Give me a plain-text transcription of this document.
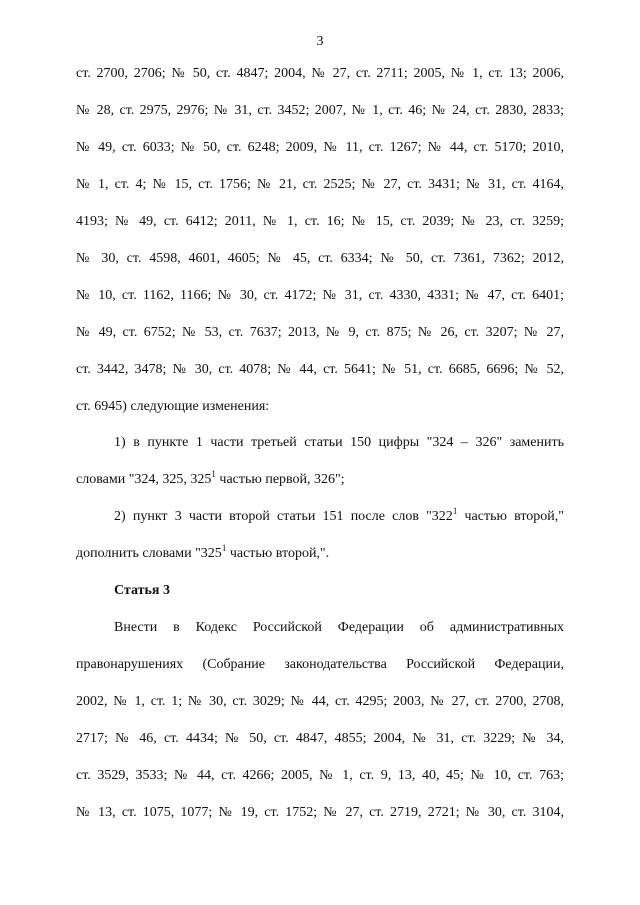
3
ст. 2700, 2706; № 50, ст. 4847; 2004, № 27, ст. 2711; 2005, № 1, ст. 13; 2006,
№ 28, ст. 2975, 2976; № 31, ст. 3452; 2007, № 1, ст. 46; № 24, ст. 2830, 2833;
№ 49, ст. 6033; № 50, ст. 6248; 2009, № 11, ст. 1267; № 44, ст. 5170; 2010,
№ 1, ст. 4; № 15, ст. 1756; № 21, ст. 2525; № 27, ст. 3431; № 31, ст. 4164,
4193; № 49, ст. 6412; 2011, № 1, ст. 16; № 15, ст. 2039; № 23, ст. 3259;
№ 30, ст. 4598, 4601, 4605; № 45, ст. 6334; № 50, ст. 7361, 7362; 2012,
№ 10, ст. 1162, 1166; № 30, ст. 4172; № 31, ст. 4330, 4331; № 47, ст. 6401;
№ 49, ст. 6752; № 53, ст. 7637; 2013, № 9, ст. 875; № 26, ст. 3207; № 27,
ст. 3442, 3478; № 30, ст. 4078; № 44, ст. 5641; № 51, ст. 6685, 6696; № 52,
ст. 6945) следующие изменения:
1) в пункте 1 части третьей статьи 150 цифры "324 – 326" заменить
словами "324, 325, $325^1$ частью первой, 326";
2) пункт 3 части второй статьи 151 после слов "$322^1$ частью второй,"
дополнить словами "$325^1$ частью второй,".
Статья 3
Внести в Кодекс Российской Федерации об административных
правонарушениях (Собрание законодательства Российской Федерации,
2002, № 1, ст. 1; № 30, ст. 3029; № 44, ст. 4295; 2003, № 27, ст. 2700, 2708,
2717; № 46, ст. 4434; № 50, ст. 4847, 4855; 2004, № 31, ст. 3229; № 34,
ст. 3529, 3533; № 44, ст. 4266; 2005, № 1, ст. 9, 13, 40, 45; № 10, ст. 763;
№ 13, ст. 1075, 1077; № 19, ст. 1752; № 27, ст. 2719, 2721; № 30, ст. 3104,
